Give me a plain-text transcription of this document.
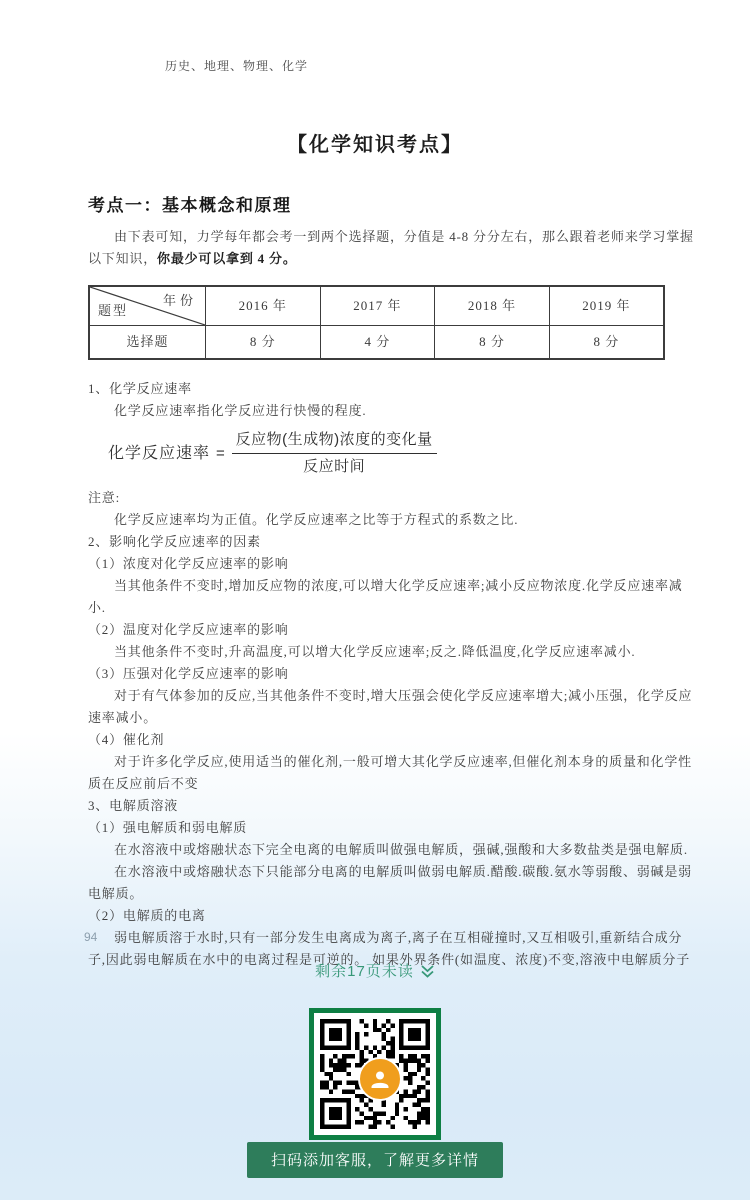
历史、地理、物理、化学
【化学知识考点】
考点一：基本概念和原理

由下表可知，力学每年都会考一到两个选择题，分值是 4-8 分分左右，那么跟着老师来学习掌握以下知识，你最少可以拿到 4 分。

年份
题型	2016 年	2017 年	2018 年	2019 年
选择题	8 分	4 分	8 分	8 分

1、化学反应速率

化学反应速率指化学反应进行快慢的程度.

化学反应速率 = $\frac{\text{反应物(生成物)浓度的变化量}}{\text{反应时间}}$

注意:

化学反应速率均为正值。化学反应速率之比等于方程式的系数之比.

2、影响化学反应速率的因素

（1）浓度对化学反应速率的影响

当其他条件不变时,增加反应物的浓度,可以增大化学反应速率;减小反应物浓度.化学反应速率减小.

（2）温度对化学反应速率的影响

当其他条件不变时,升高温度,可以增大化学反应速率;反之.降低温度,化学反应速率减小.

（3）压强对化学反应速率的影响

对于有气体参加的反应,当其他条件不变时,增大压强会使化学反应速率增大;减小压强，化学反应速率减小。

（4）催化剂

对于许多化学反应,使用适当的催化剂,一般可增大其化学反应速率,但催化剂本身的质量和化学性质在反应前后不变

3、电解质溶液

（1）强电解质和弱电解质

在水溶液中或熔融状态下完全电离的电解质叫做强电解质，强碱,强酸和大多数盐类是强电解质.

在水溶液中或熔融状态下只能部分电离的电解质叫做弱电解质.醋酸.碳酸.氨水等弱酸、弱碱是弱电解质。

（2）电解质的电离

弱电解质溶于水时,只有一部分发生电离成为离子,离子在互相碰撞时,又互相吸引,重新结合成分子,因此弱电解质在水中的电离过程是可逆的。 如果外界条件(如温度、浓度)不变,溶液中电解质分子

94
剩余17页未读
扫码添加客服，了解更多详情
